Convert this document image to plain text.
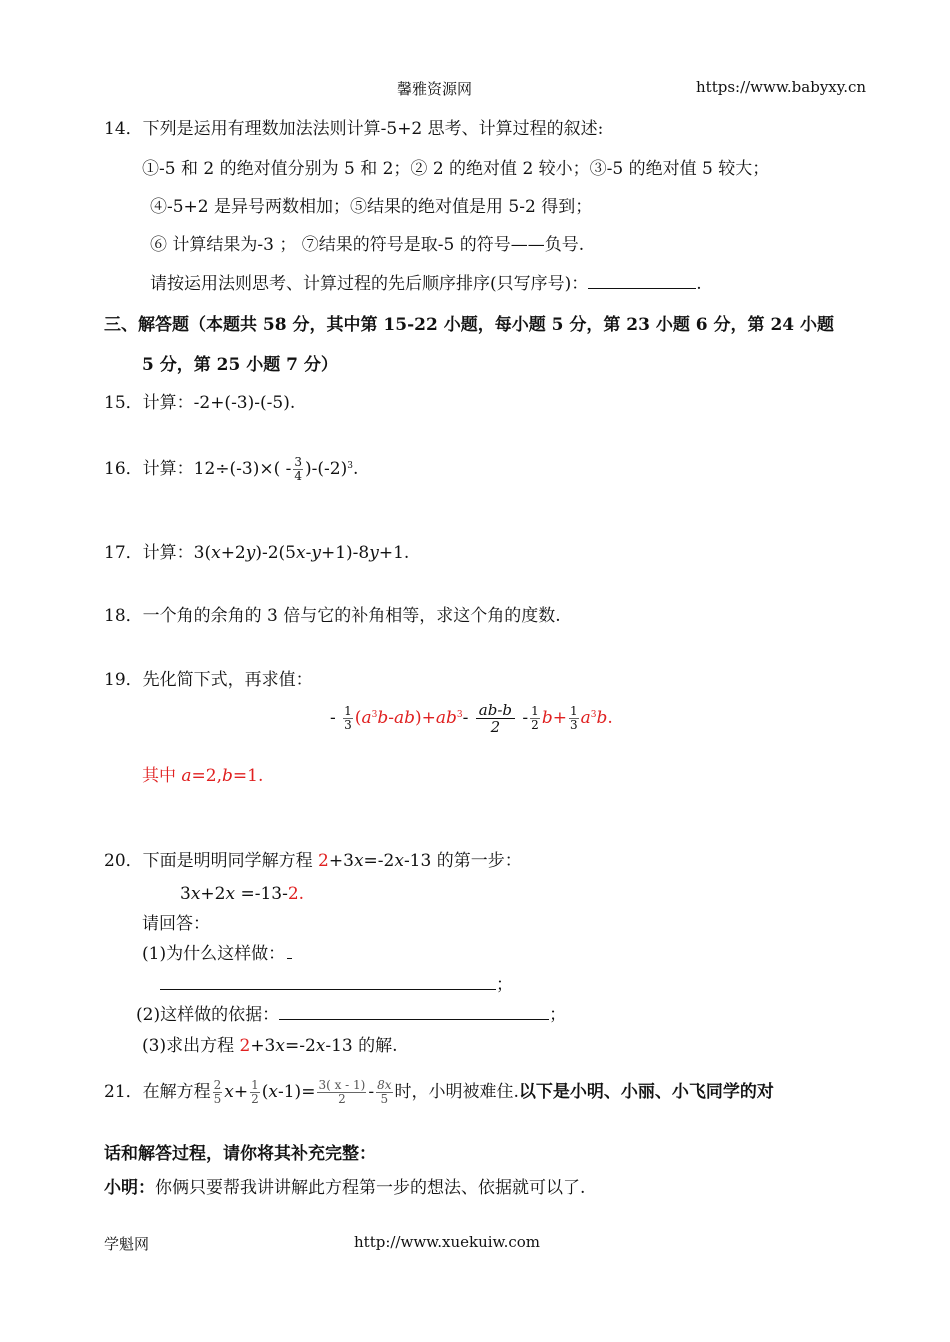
馨雅资源网	https://www.babyxy.cn
14．下列是运用有理数加法法则计算-5+2 思考、计算过程的叙述:
①-5 和 2 的绝对值分别为 5 和 2；② 2 的绝对值 2 较小；③-5 的绝对值 5 较大；
④-5+2 是异号两数相加；⑤结果的绝对值是用 5-2 得到；
⑥ 计算结果为-3 ； ⑦结果的符号是取-5 的符号——负号.
请按运用法则思考、计算过程的先后顺序排序(只写序号)：	.
三、解答题（本题共 58 分，其中第 15-22 小题，每小题 5 分，第 23 小题 6 分，第 24 小题
5 分，第 25 小题 7 分）
15．计算：-2+(-3)-(-5).
16．计算：$12\div(-3)\times( - \frac{3}{4} )-(-2)^3$.
17．计算：3(x+2y)-2(5x-y+1)-8y+1.
18．一个角的余角的 3 倍与它的补角相等，求这个角的度数.
19．先化简下式，再求值：
- $\frac{1}{3} (a^3b-ab)+ab^3- \frac{ab-b}{2} - \frac{1}{2} b+ \frac{1}{3} a^3b$.
其中 a=2,b=1.
20．下面是明明同学解方程 2+3x=-2x-13 的第一步：
3x+2x =-13-2.
请回答：
(1)为什么这样做：
；
(2)这样做的依据：	；
(3)求出方程 2+3x=-2x-13 的解.
21．在解方程 $\frac{2}{5} x+ \frac{1}{2} (x-1)= \frac{3( x - 1)}{2} - \frac{8x}{5}$ 时，小明被难住.以下是小明、小丽、小飞同学的对
话和解答过程，请你将其补充完整：
小明：你俩只要帮我讲讲解此方程第一步的想法、依据就可以了.
学魁网	http://www.xuekuiw.com
